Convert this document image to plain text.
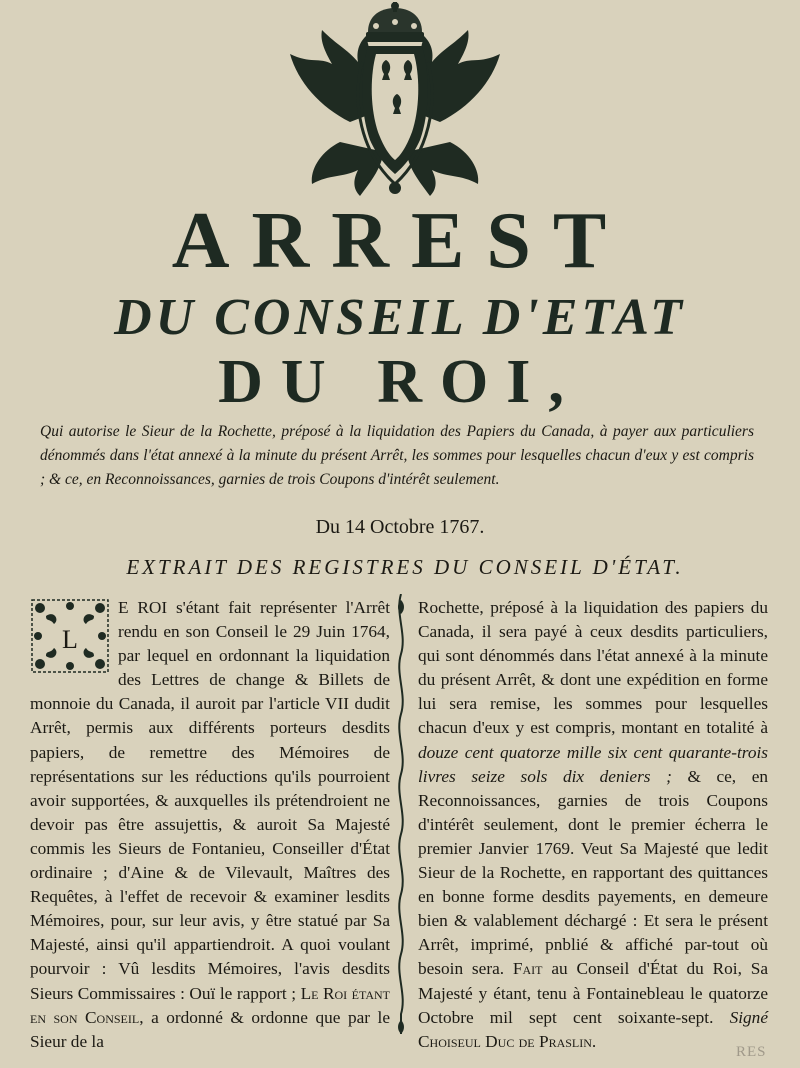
ARREST
DU CONSEIL D'ETAT
DU ROI,
Qui autorise le Sieur de la Rochette, préposé à la liquidation des Papiers du Canada, à payer aux particuliers dénommés dans l'état annexé à la minute du présent Arrêt, les sommes pour lesquelles chacun d'eux y est compris ; & ce, en Reconnoissances, garnies de trois Coupons d'intérêt seulement.
Du 14 Octobre 1767.
EXTRAIT DES REGISTRES DU CONSEIL D'ÉTAT.
L

E ROI s'étant fait représenter l'Arrêt rendu en son Conseil le 29 Juin 1764, par lequel en ordonnant la liquidation des Lettres de change & Billets de monnoie du Canada, il auroit par l'article VII dudit Arrêt, permis aux différents porteurs desdits papiers, de remettre des Mémoires de représentations sur les réductions qu'ils pourroient avoir supportées, & auxquelles ils prétendroient ne devoir pas être assujettis, & auroit Sa Majesté commis les Sieurs de Fontanieu, Conseiller d'État ordinaire ; d'Aine & de Vilevault, Maîtres des Requêtes, à l'effet de recevoir & examiner lesdits Mémoires, pour, sur leur avis, y être statué par Sa Majesté, ainsi qu'il appartiendroit. A quoi voulant pourvoir : Vû lesdits Mémoires, l'avis desdits Sieurs Commissaires : Ouï le rapport ; Le Roi étant en son Conseil, a ordonné & ordonne que par le Sieur de la

Rochette, préposé à la liquidation des papiers du Canada, il sera payé à ceux desdits particuliers, qui sont dénommés dans l'état annexé à la minute du présent Arrêt, & dont une expédition en forme lui sera remise, les sommes pour lesquelles chacun d'eux y est compris, montant en totalité à douze cent quatorze mille six cent quarante-trois livres seize sols dix deniers ; & ce, en Reconnoissances, garnies de trois Coupons d'intérêt seulement, dont le premier écherra le premier Janvier 1769. Veut Sa Majesté que ledit Sieur de la Rochette, en rapportant des quittances en bonne forme desdits payements, en demeure bien & valablement déchargé : Et sera le présent Arrêt, imprimé, pnblié & affiché par-tout où besoin sera. Fait au Conseil d'État du Roi, Sa Majesté y étant, tenu à Fontainebleau le quatorze Octobre mil sept cent soixante-sept. Signé Choiseul Duc de Praslin.

RES
